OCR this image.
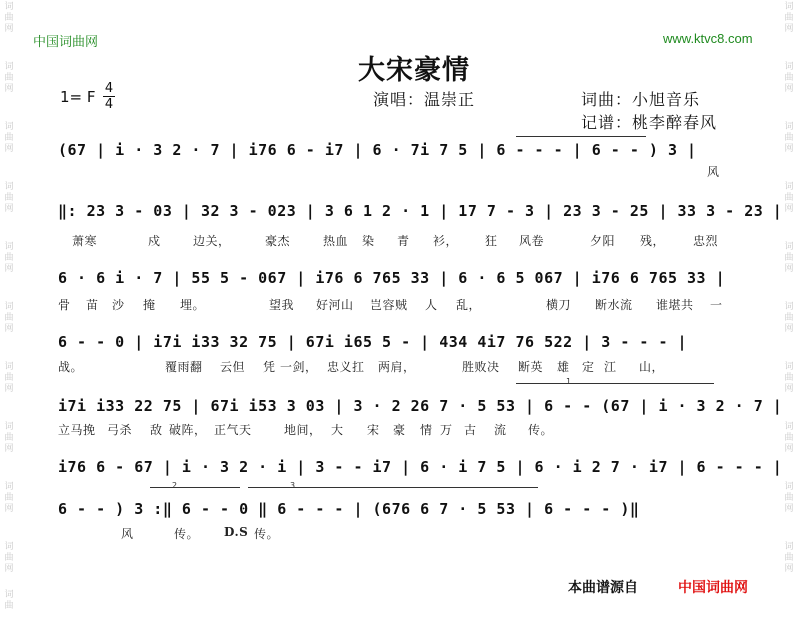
词
曲
网
词
曲
网
词
曲
网
词
曲
网
词
曲
网
词
曲
网
词
曲
网
词
曲
网
词
曲
网
词
曲
网
词
曲
词
曲
网
词
曲
网
词
曲
网
词
曲
网
词
曲
网
词
曲
网
词
曲
网
词
曲
网
词
曲
网
词
曲
网
中国词曲网	www.ktvc8.com
大宋豪情
1= F 4
4	演唱：温崇正	词曲：小旭音乐
记谱：桃李醉春风
(67 | i · 3 2 · 7 | i76 6 - i7 | 6 · 7i 7 5 | 6 - - - | 6 - - ) 3 |
风
‖: 23 3 - 03 | 32 3 - 023 | 3 6 1 2 · 1 | 17 7 - 3 | 23 3 - 25 | 33 3 - 23 |
萧寒	戍	边关，	豪杰	热血 染 青 衫， 狂 风卷	夕阳 残， 忠烈
6 · 6 i · 7 | 55 5 - 067 | i76 6 765 33 | 6 · 6 5 067 | i76 6 765 33 |
骨 苗 沙 掩 埋。	望我 好河山 岂容贼 人 乱，	横刀 断水流 谁堪共 一
6 - - 0 | i7i i33 32 75 | 67i i65 5 - | 434 4i7 76 522 | 3 - - - |
战。	覆雨翻 云但 凭 一剑， 忠义扛 两肩，	胜败决 断英 雄 定 江 山，
1
i7i i33 22 75 | 67i i53 3 03 | 3 · 2 26 7 · 5 53 | 6 - - (67 | i · 3 2 · 7 |
立马挽 弓杀 敌 破阵， 正气天	地间， 大 宋 豪 情 万 古 流 传。
i76 6 - 67 | i · 3 2 · i | 3 - - i7 | 6 · i 7 5 | 6 · i 2 7 · i7 | 6 - - - |
2	3
6 - - ) 3 :‖ 6 - - 0 ‖ 6 - - - | (676 6 7 · 5 53 | 6 - - - )‖
风	传。 D.S 传。
本曲谱源自	中国词曲网
